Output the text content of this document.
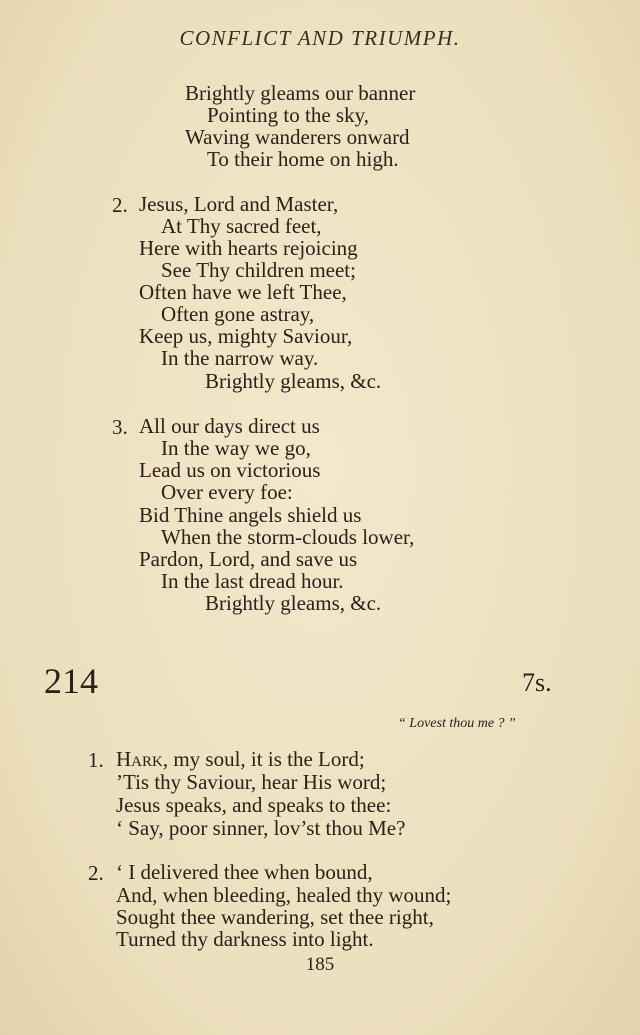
CONFLICT AND TRIUMPH.
Brightly gleams our banner
Pointing to the sky,
Waving wanderers onward
To their home on high.
2. Jesus, Lord and Master,
At Thy sacred feet,
Here with hearts rejoicing
See Thy children meet;
Often have we left Thee,
Often gone astray,
Keep us, mighty Saviour,
In the narrow way.
Brightly gleams, &c.
3. All our days direct us
In the way we go,
Lead us on victorious
Over every foe:
Bid Thine angels shield us
When the storm-clouds lower,
Pardon, Lord, and save us
In the last dread hour.
Brightly gleams, &c.
214	7s.
“ Lovest thou me ? ”
1. Hark, my soul, it is the Lord;
’Tis thy Saviour, hear His word;
Jesus speaks, and speaks to thee:
‘ Say, poor sinner, lov’st thou Me?
2. ‘ I delivered thee when bound,
And, when bleeding, healed thy wound;
Sought thee wandering, set thee right,
Turned thy darkness into light.
185
